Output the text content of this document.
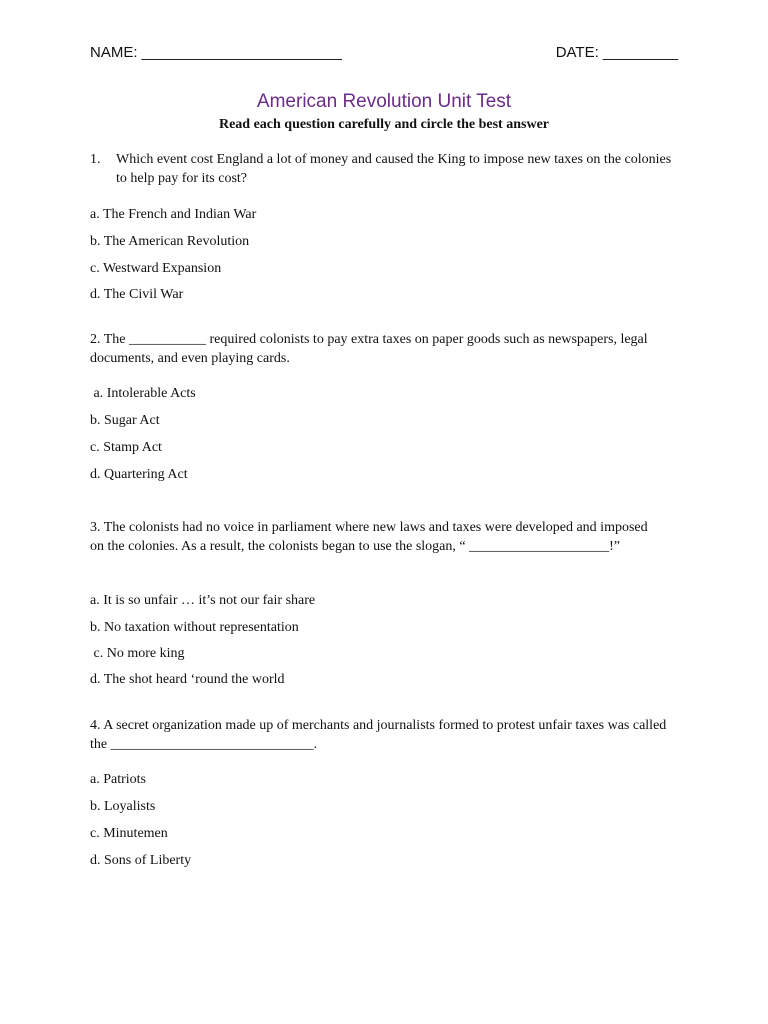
NAME: ________________________	DATE: _________
American Revolution Unit Test
Read each question carefully and circle the best answer
1. Which event cost England a lot of money and caused the King to impose new taxes on the colonies to help pay for its cost?
a. The French and Indian War
b. The American Revolution
c. Westward Expansion
d. The Civil War
2. The ___________ required colonists to pay extra taxes on paper goods such as newspapers, legal documents, and even playing cards.
a. Intolerable Acts
b. Sugar Act
c. Stamp Act
d. Quartering Act
3. The colonists had no voice in parliament where new laws and taxes were developed and imposed on the colonies. As a result, the colonists began to use the slogan, “ ____________________!”
a. It is so unfair … it’s not our fair share
b. No taxation without representation
c. No more king
d. The shot heard ‘round the world
4. A secret organization made up of merchants and journalists formed to protest unfair taxes was called the _____________________________.
a. Patriots
b. Loyalists
c. Minutemen
d. Sons of Liberty
